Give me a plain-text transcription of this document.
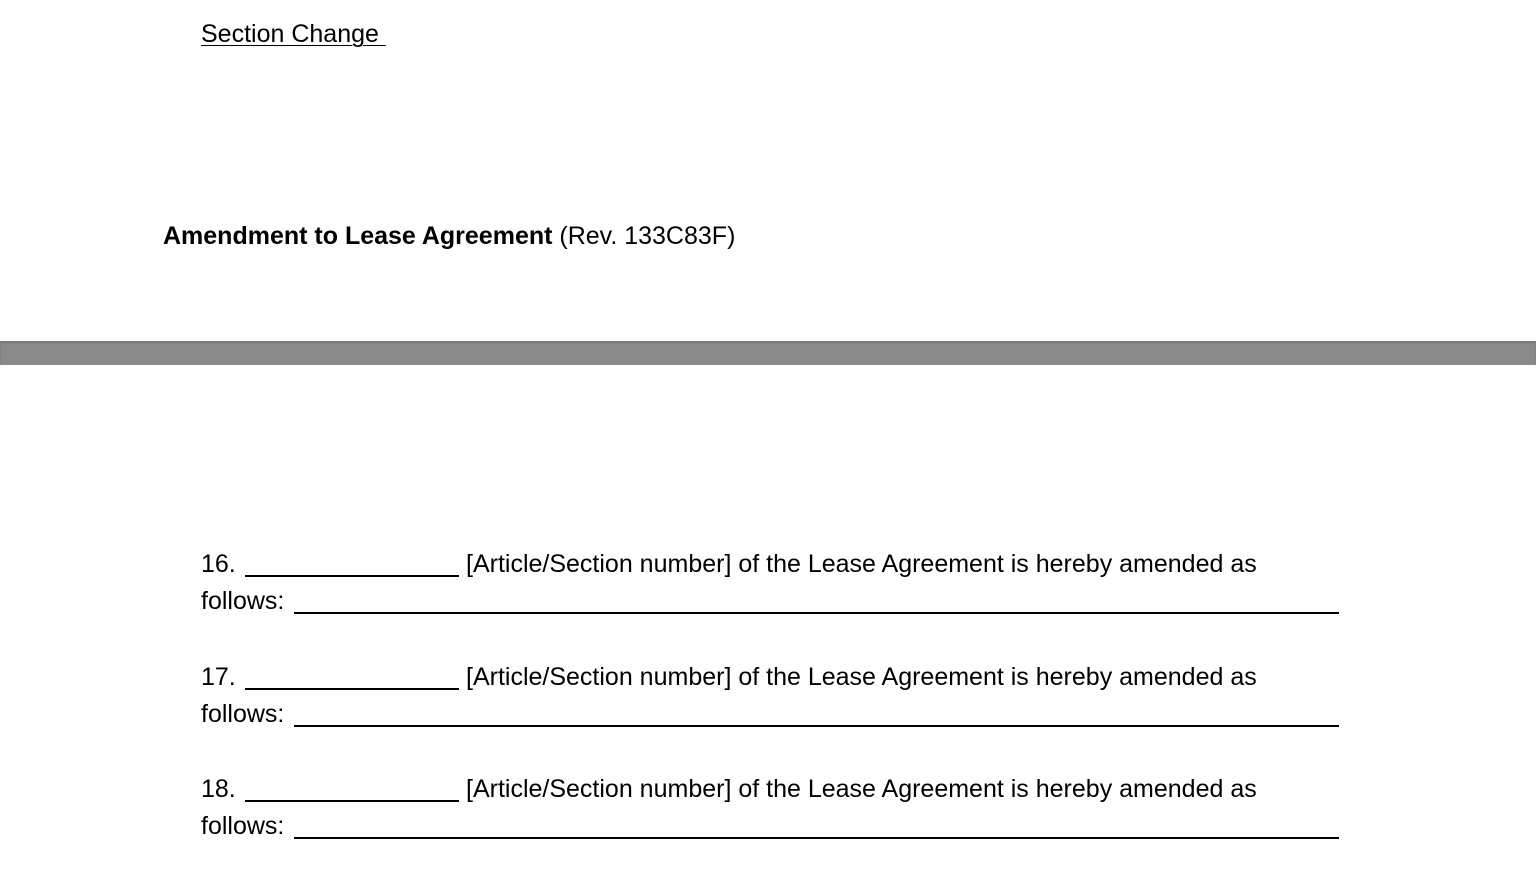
Section Change
Amendment to Lease Agreement (Rev. 133C83F)
16.	[Article/Section number] of the Lease Agreement is hereby amended as
follows:
17.	[Article/Section number] of the Lease Agreement is hereby amended as
follows:
18.	[Article/Section number] of the Lease Agreement is hereby amended as
follows:
